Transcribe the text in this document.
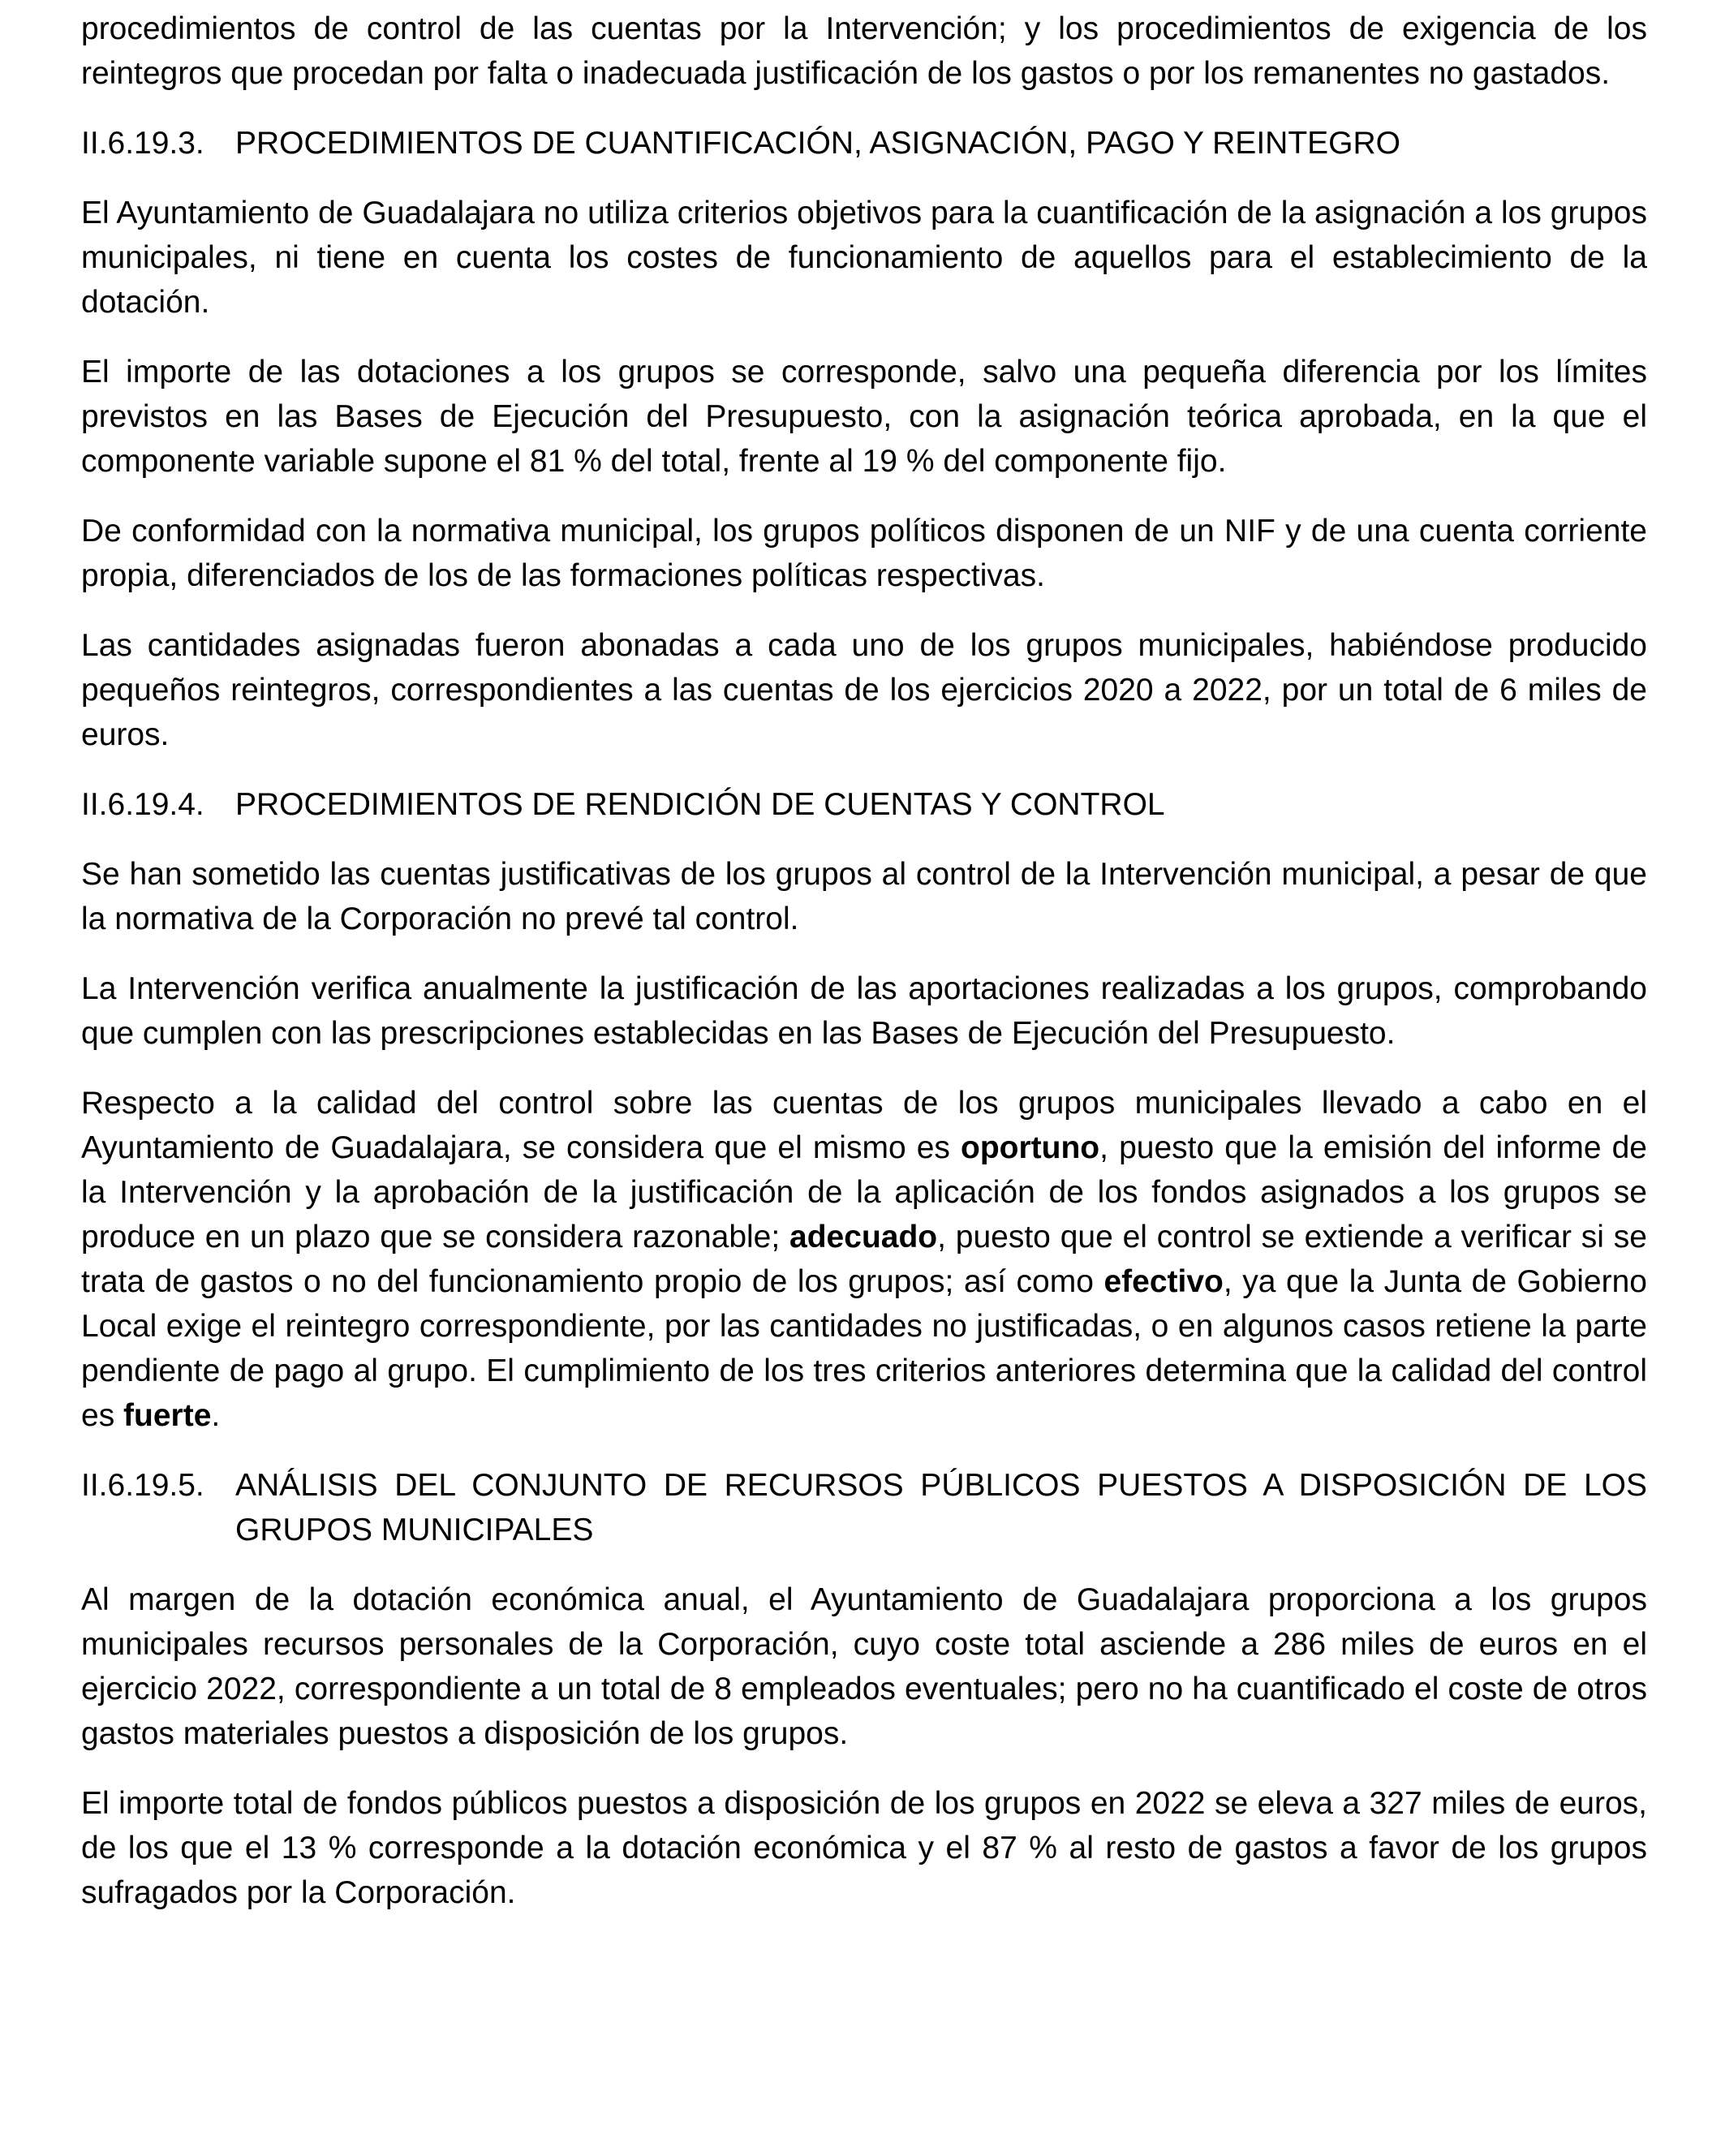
procedimientos de control de las cuentas por la Intervención; y los procedimientos de exigencia de los reintegros que procedan por falta o inadecuada justificación de los gastos o por los remanentes no gastados.

II.6.19.3. PROCEDIMIENTOS DE CUANTIFICACIÓN, ASIGNACIÓN, PAGO Y REINTEGRO

El Ayuntamiento de Guadalajara no utiliza criterios objetivos para la cuantificación de la asignación a los grupos municipales, ni tiene en cuenta los costes de funcionamiento de aquellos para el establecimiento de la dotación.

El importe de las dotaciones a los grupos se corresponde, salvo una pequeña diferencia por los límites previstos en las Bases de Ejecución del Presupuesto, con la asignación teórica aprobada, en la que el componente variable supone el 81 % del total, frente al 19 % del componente fijo.

De conformidad con la normativa municipal, los grupos políticos disponen de un NIF y de una cuenta corriente propia, diferenciados de los de las formaciones políticas respectivas.

Las cantidades asignadas fueron abonadas a cada uno de los grupos municipales, habiéndose producido pequeños reintegros, correspondientes a las cuentas de los ejercicios 2020 a 2022, por un total de 6 miles de euros.

II.6.19.4. PROCEDIMIENTOS DE RENDICIÓN DE CUENTAS Y CONTROL

Se han sometido las cuentas justificativas de los grupos al control de la Intervención municipal, a pesar de que la normativa de la Corporación no prevé tal control.

La Intervención verifica anualmente la justificación de las aportaciones realizadas a los grupos, comprobando que cumplen con las prescripciones establecidas en las Bases de Ejecución del Presupuesto.

Respecto a la calidad del control sobre las cuentas de los grupos municipales llevado a cabo en el Ayuntamiento de Guadalajara, se considera que el mismo es oportuno, puesto que la emisión del informe de la Intervención y la aprobación de la justificación de la aplicación de los fondos asignados a los grupos se produce en un plazo que se considera razonable; adecuado, puesto que el control se extiende a verificar si se trata de gastos o no del funcionamiento propio de los grupos; así como efectivo, ya que la Junta de Gobierno Local exige el reintegro correspondiente, por las cantidades no justificadas, o en algunos casos retiene la parte pendiente de pago al grupo. El cumplimiento de los tres criterios anteriores determina que la calidad del control es fuerte.

II.6.19.5. ANÁLISIS DEL CONJUNTO DE RECURSOS PÚBLICOS PUESTOS A DISPOSICIÓN DE LOS GRUPOS MUNICIPALES

Al margen de la dotación económica anual, el Ayuntamiento de Guadalajara proporciona a los grupos municipales recursos personales de la Corporación, cuyo coste total asciende a 286 miles de euros en el ejercicio 2022, correspondiente a un total de 8 empleados eventuales; pero no ha cuantificado el coste de otros gastos materiales puestos a disposición de los grupos.

El importe total de fondos públicos puestos a disposición de los grupos en 2022 se eleva a 327 miles de euros, de los que el 13 % corresponde a la dotación económica y el 87 % al resto de gastos a favor de los grupos sufragados por la Corporación.
